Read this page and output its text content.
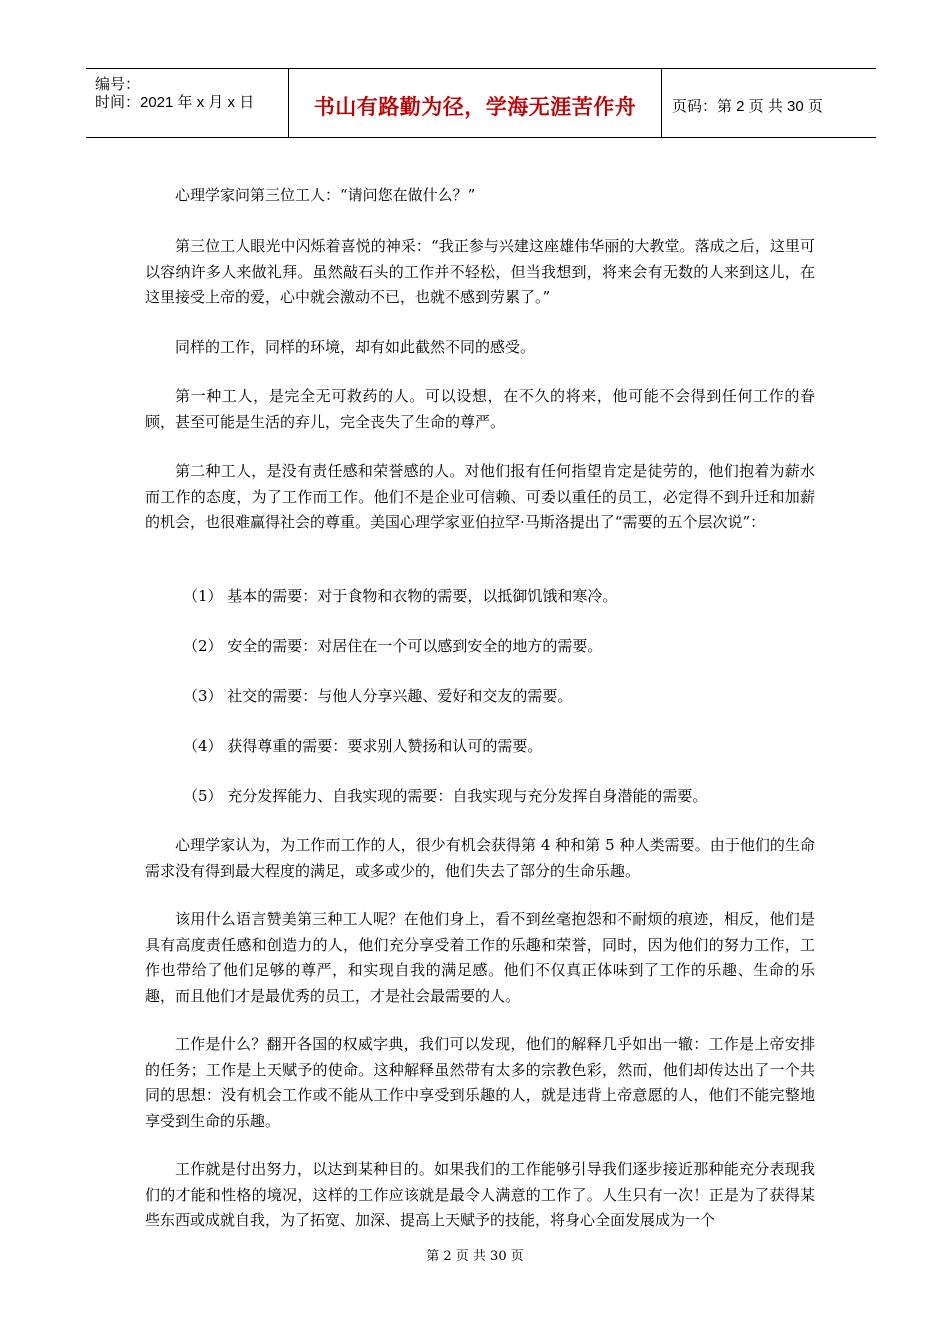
编号：
时间：2021 年 x 月 x 日	书山有路勤为径，学海无涯苦作舟	页码：第 2 页 共 30 页

心理学家问第三位工人：“请问您在做什么？”

第三位工人眼光中闪烁着喜悦的神采：“我正参与兴建这座雄伟华丽的大教堂。落成之后，这里可以容纳许多人来做礼拜。虽然敲石头的工作并不轻松，但当我想到，将来会有无数的人来到这儿，在这里接受上帝的爱，心中就会激动不已，也就不感到劳累了。”

同样的工作，同样的环境，却有如此截然不同的感受。

第一种工人，是完全无可救药的人。可以设想，在不久的将来，他可能不会得到任何工作的眷顾，甚至可能是生活的弃儿，完全丧失了生命的尊严。

第二种工人，是没有责任感和荣誉感的人。对他们报有任何指望肯定是徒劳的，他们抱着为薪水而工作的态度，为了工作而工作。他们不是企业可信赖、可委以重任的员工，必定得不到升迁和加薪的机会，也很难赢得社会的尊重。美国心理学家亚伯拉罕·马斯洛提出了“需要的五个层次说”：

（1） 基本的需要：对于食物和衣物的需要，以抵御饥饿和寒冷。

（2） 安全的需要：对居住在一个可以感到安全的地方的需要。

（3） 社交的需要：与他人分享兴趣、爱好和交友的需要。

（4） 获得尊重的需要：要求别人赞扬和认可的需要。

（5） 充分发挥能力、自我实现的需要：自我实现与充分发挥自身潜能的需要。

心理学家认为，为工作而工作的人，很少有机会获得第 4 种和第 5 种人类需要。由于他们的生命需求没有得到最大程度的满足，或多或少的，他们失去了部分的生命乐趣。

该用什么语言赞美第三种工人呢？在他们身上，看不到丝毫抱怨和不耐烦的痕迹，相反，他们是具有高度责任感和创造力的人，他们充分享受着工作的乐趣和荣誉，同时，因为他们的努力工作，工作也带给了他们足够的尊严，和实现自我的满足感。他们不仅真正体味到了工作的乐趣、生命的乐趣，而且他们才是最优秀的员工，才是社会最需要的人。

工作是什么？翻开各国的权威字典，我们可以发现，他们的解释几乎如出一辙：工作是上帝安排的任务；工作是上天赋予的使命。这种解释虽然带有太多的宗教色彩，然而，他们却传达出了一个共同的思想：没有机会工作或不能从工作中享受到乐趣的人，就是违背上帝意愿的人，他们不能完整地享受到生命的乐趣。

工作就是付出努力，以达到某种目的。如果我们的工作能够引导我们逐步接近那种能充分表现我们的才能和性格的境况，这样的工作应该就是最令人满意的工作了。人生只有一次！正是为了获得某些东西或成就自我，为了拓宽、加深、提高上天赋予的技能，将身心全面发展成为一个

第 2 页 共 30 页
